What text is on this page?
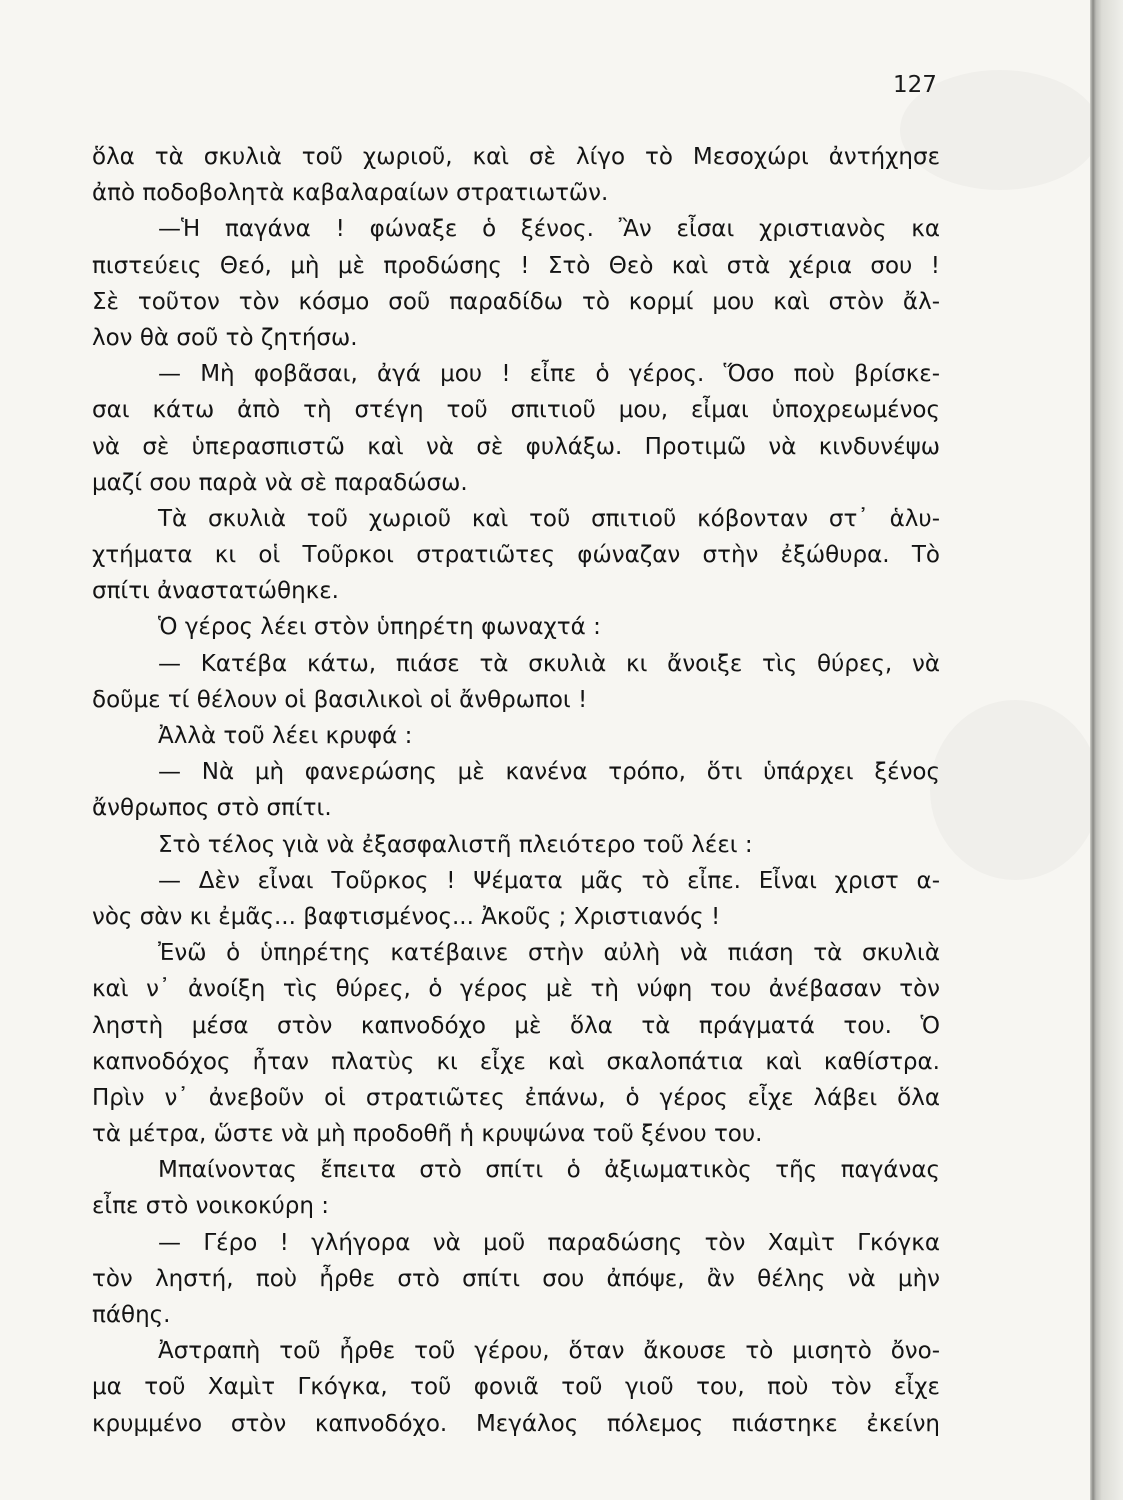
127
ὅλα τὰ σκυλιὰ τοῦ χωριοῦ, καὶ σὲ λίγο τὸ Μεσοχώρι ἀντήχησε
ἀπὸ ποδοβολητὰ καβαλαραίων στρατιωτῶν.
—Ἡ παγάνα ! φώναξε ὁ ξένος. Ἂν εἶσαι χριστιανὸς κα
πιστεύεις Θεό, μὴ μὲ προδώσης ! Στὸ Θεὸ καὶ στὰ χέρια σου !
Σὲ τοῦτον τὸν κόσμο σοῦ παραδίδω τὸ κορμί μου καὶ στὸν ἄλ-
λον θὰ σοῦ τὸ ζητήσω.
— Μὴ φοβᾶσαι, ἀγά μου ! εἶπε ὁ γέρος. Ὅσο ποὺ βρίσκε-
σαι κάτω ἀπὸ τὴ στέγη τοῦ σπιτιοῦ μου, εἶμαι ὑποχρεωμένος
νὰ σὲ ὑπερασπιστῶ καὶ νὰ σὲ φυλάξω. Προτιμῶ νὰ κινδυνέψω
μαζί σου παρὰ νὰ σὲ παραδώσω.
Τὰ σκυλιὰ τοῦ χωριοῦ καὶ τοῦ σπιτιοῦ κόβονταν στ᾽ ἁλυ-
χτήματα κι οἱ Τοῦρκοι στρατιῶτες φώναζαν στὴν ἐξώθυρα. Τὸ
σπίτι ἀναστατώθηκε.
Ὁ γέρος λέει στὸν ὑπηρέτη φωναχτά :
— Κατέβα κάτω, πιάσε τὰ σκυλιὰ κι ἄνοιξε τὶς θύρες, νὰ
δοῦμε τί θέλουν οἱ βασιλικοὶ οἱ ἄνθρωποι !
Ἀλλὰ τοῦ λέει κρυφά :
— Νὰ μὴ φανερώσης μὲ κανένα τρόπο, ὅτι ὑπάρχει ξένος
ἄνθρωπος στὸ σπίτι.
Στὸ τέλος γιὰ νὰ ἐξασφαλιστῆ πλειότερο τοῦ λέει :
— Δὲν εἶναι Τοῦρκος ! Ψέματα μᾶς τὸ εἶπε. Εἶναι χριστ α-
νὸς σὰν κι ἐμᾶς... βαφτισμένος... Ἀκοῦς ; Χριστιανός !
Ἐνῶ ὁ ὑπηρέτης κατέβαινε στὴν αὐλὴ νὰ πιάση τὰ σκυλιὰ
καὶ ν᾽ ἀνοίξη τὶς θύρες, ὁ γέρος μὲ τὴ νύφη του ἀνέβασαν τὸν
ληστὴ μέσα στὸν καπνοδόχο μὲ ὅλα τὰ πράγματά του. Ὁ
καπνοδόχος ἦταν πλατὺς κι εἶχε καὶ σκαλοπάτια καὶ καθίστρα.
Πρὶν ν᾽ ἀνεβοῦν οἱ στρατιῶτες ἐπάνω, ὁ γέρος εἶχε λάβει ὅλα
τὰ μέτρα, ὥστε νὰ μὴ προδοθῆ ἡ κρυψώνα τοῦ ξένου του.
Μπαίνοντας ἔπειτα στὸ σπίτι ὁ ἀξιωματικὸς τῆς παγάνας
εἶπε στὸ νοικοκύρη :
— Γέρο ! γλήγορα νὰ μοῦ παραδώσης τὸν Χαμὶτ Γκόγκα
τὸν ληστή, ποὺ ἦρθε στὸ σπίτι σου ἀπόψε, ἂν θέλης νὰ μὴν
πάθης.
Ἀστραπὴ τοῦ ἦρθε τοῦ γέρου, ὅταν ἄκουσε τὸ μισητὸ ὄνο-
μα τοῦ Χαμὶτ Γκόγκα, τοῦ φονιᾶ τοῦ γιοῦ του, ποὺ τὸν εἶχε
κρυμμένο στὸν καπνοδόχο. Μεγάλος πόλεμος πιάστηκε ἐκείνη
